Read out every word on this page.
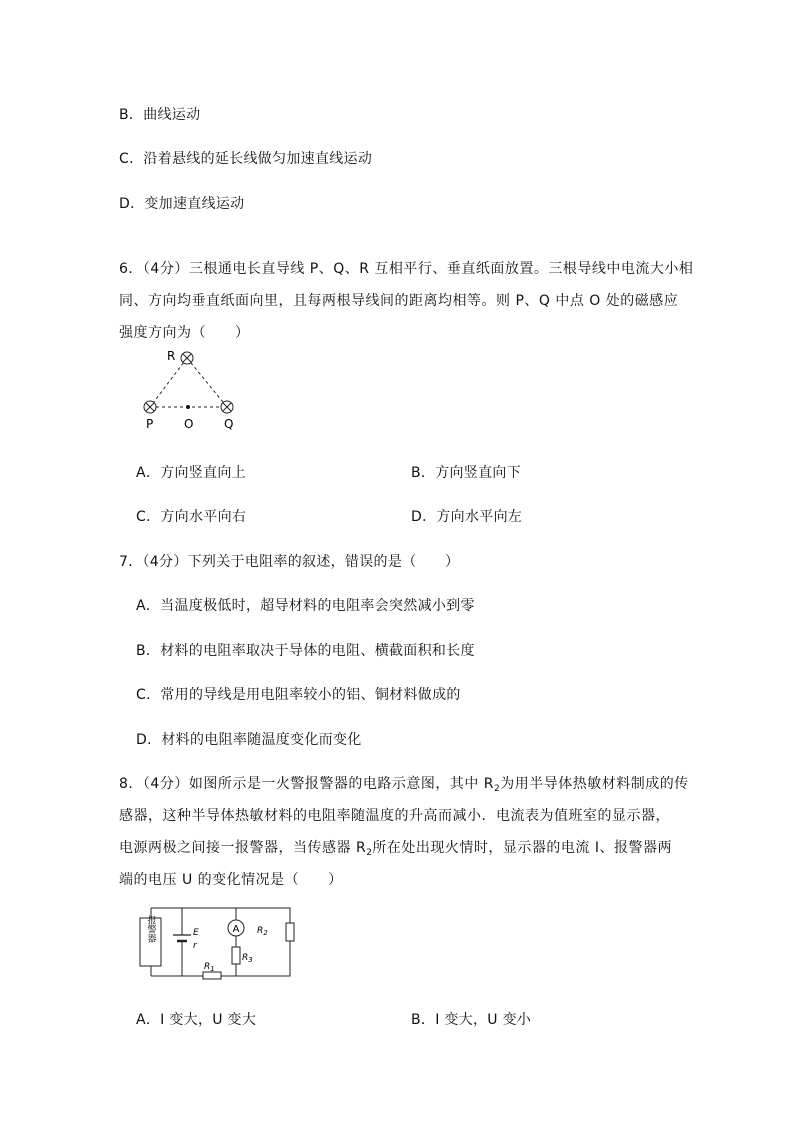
B．曲线运动
C．沿着悬线的延长线做匀加速直线运动
D．变加速直线运动
6．（4分）三根通电长直导线 P、Q、R 互相平行、垂直纸面放置。三根导线中电流大小相
同、方向均垂直纸面向里，且每两根导线间的距离均相等。则 P、Q 中点 O 处的磁感应
强度方向为（　　）
R
P	O	Q
A．方向竖直向上	B．方向竖直向下
C．方向水平向右	D．方向水平向左
7．（4分）下列关于电阻率的叙述，错误的是（　　）
A．当温度极低时，超导材料的电阻率会突然减小到零
B．材料的电阻率取决于导体的电阻、横截面积和长度
C．常用的导线是用电阻率较小的铝、铜材料做成的
D．材料的电阻率随温度变化而变化
8．（4分）如图所示是一火警报警器的电路示意图，其中 $R_2$为用半导体热敏材料制成的传
感器，这种半导体热敏材料的电阻率随温度的升高而减小．电流表为值班室的显示器，
电源两极之间接一报警器，当传感器 $R_2$所在处出现火情时，显示器的电流 I、报警器两
端的电压 U 的变化情况是（　　）
报警器	E
r
$R_1$
A
$R_3$
$R_2$
A．I 变大，U 变大	B．I 变大，U 变小
